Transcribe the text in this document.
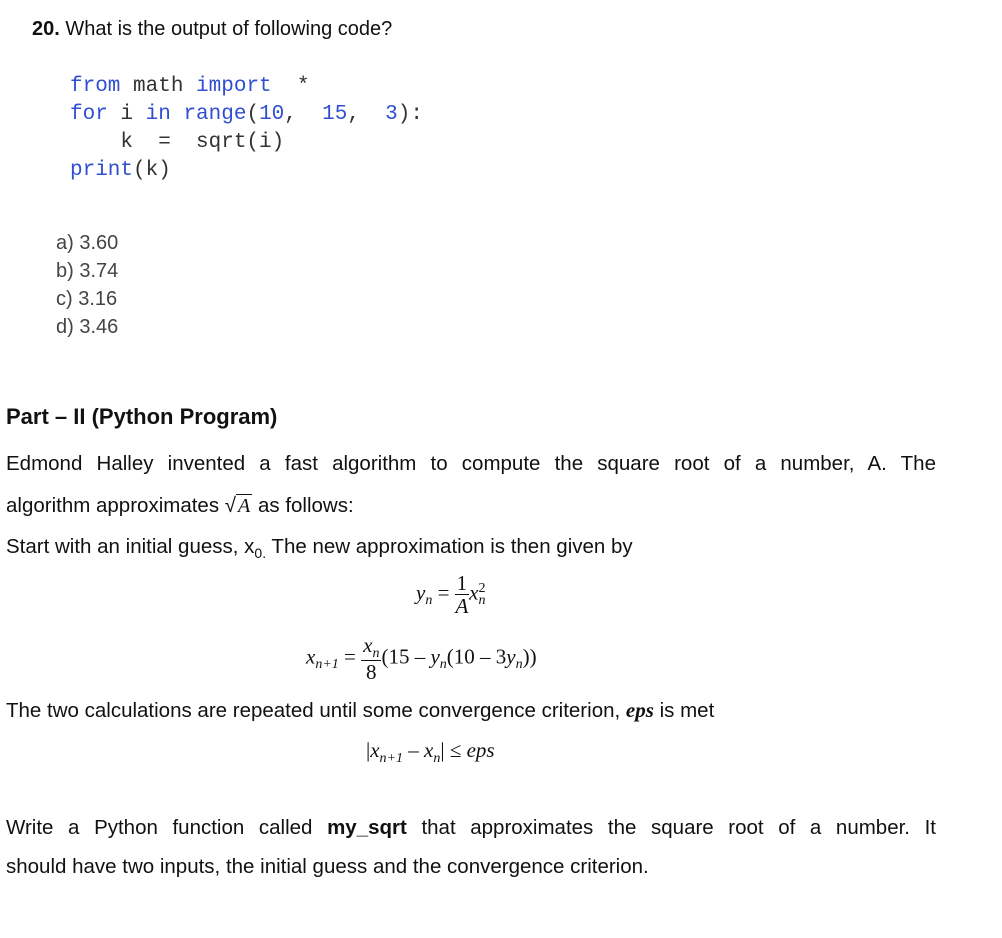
20. What is the output of following code?
from math import  *
for i in range(10,  15,  3):
k  =  sqrt(i)
print(k)
a) 3.60
b) 3.74
c) 3.16
d) 3.46
Part – II (Python Program)
Edmond Halley invented a fast algorithm to compute the square root of a number, A. The
algorithm approximates √ A as follows:
Start with an initial guess, $x_{0.}$ The new approximation is then given by
$y_n = \frac{1}{A}$ x 2
n
$x_{n+1} = \frac{x_n}{8} (15 - y_n(10 - 3y_n))$
The two calculations are repeated until some convergence criterion, eps is met
$|x_{n+1} - x_n|$ ≤ eps
Write a Python function called my_sqrt that approximates the square root of a number. It
should have two inputs, the initial guess and the convergence criterion.
